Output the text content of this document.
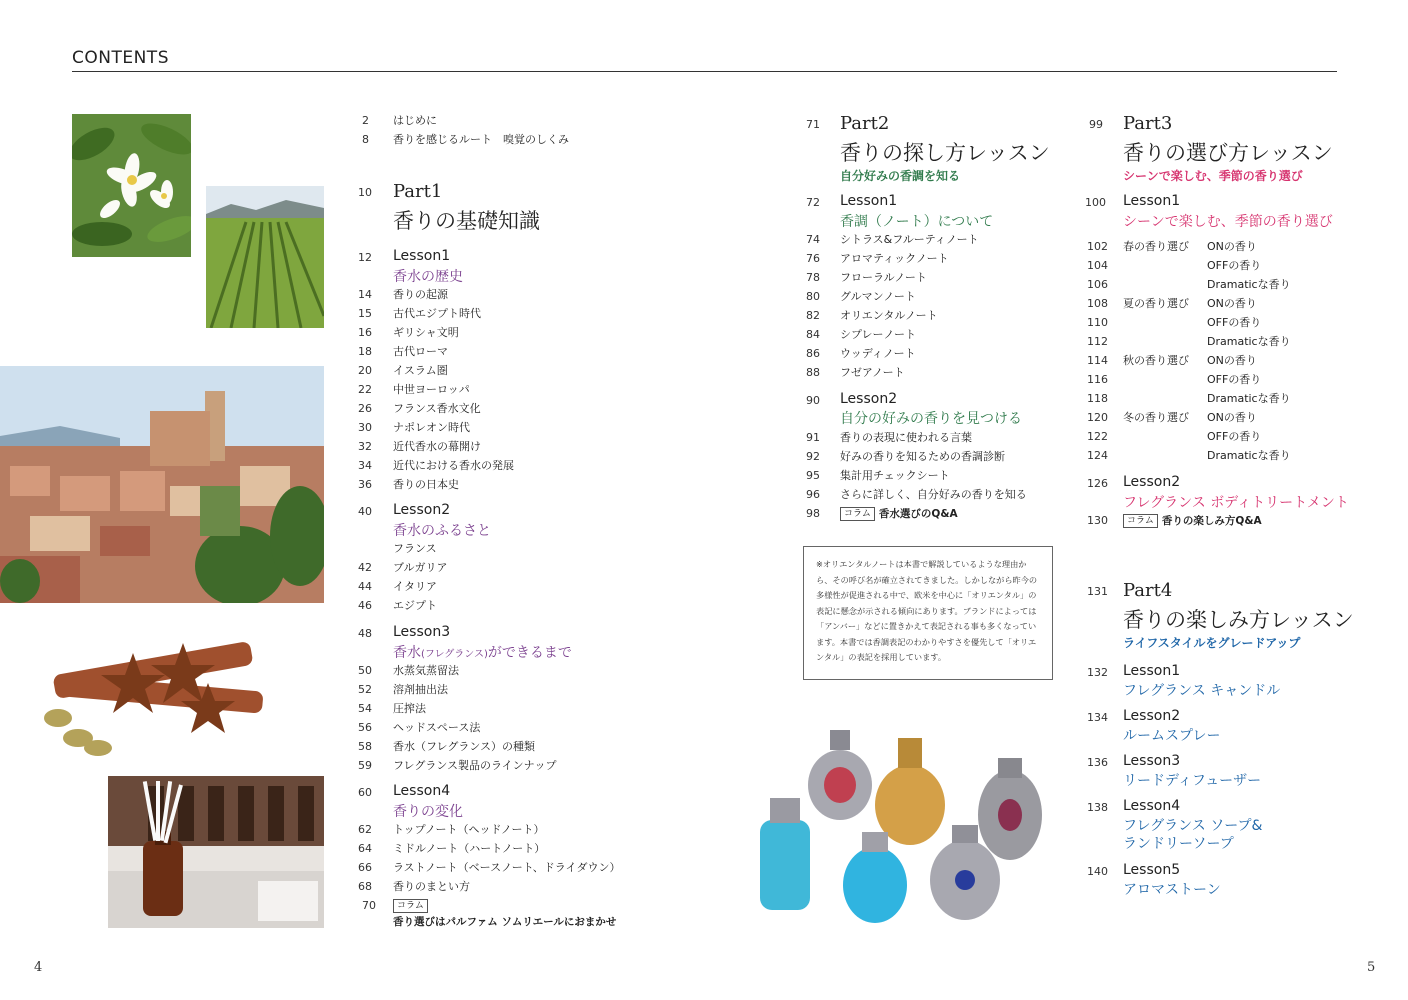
CONTENTS
4	5
2 はじめに
8 香りを感じるルート　嗅覚のしくみ
10 Part1
香りの基礎知識
12 Lesson1
香水の歴史
14 香りの起源
15 古代エジプト時代
16 ギリシャ文明
18 古代ローマ
20 イスラム圏
22 中世ヨーロッパ
26 フランス香水文化
30 ナポレオン時代
32 近代香水の幕開け
34 近代における香水の発展
36 香りの日本史
40 Lesson2
香水のふるさと
フランス
42 ブルガリア
44 イタリア
46 エジプト
48 Lesson3
香水(フレグランス)ができるまで
50 水蒸気蒸留法
52 溶剤抽出法
54 圧搾法
56 ヘッドスペース法
58 香水（フレグランス）の種類
59 フレグランス製品のラインナップ
60 Lesson4
香りの変化
62 トップノート（ヘッドノート）
64 ミドルノート（ハートノート）
66 ラストノート（ベースノート、ドライダウン）
68 香りのまとい方
70	コラム
香り選びはパルファム ソムリエールにおまかせ
71 Part2
香りの探し方レッスン
自分好みの香調を知る
72 Lesson1
香調（ノート）について
74 シトラス&フルーティノート
76 アロマティックノート
78 フローラルノート
80 グルマンノート
82 オリエンタルノート
84 シプレーノート
86 ウッディノート
88 フゼアノート
90 Lesson2
自分の好みの香りを見つける
91 香りの表現に使われる言葉
92 好みの香りを知るための香調診断
95 集計用チェックシート
96 さらに詳しく、自分好みの香りを知る
98	コラム 香水選びのQ&A
※オリエンタルノートは本書で解説しているような理由から、その呼び名が確立されてきました。しかしながら昨今の多様性が促進される中で、欧米を中心に「オリエンタル」の表記に懸念が示される傾向にあります。ブランドによっては「アンバー」などに置きかえて表記される事も多くなっています。本書では香調表記のわかりやすさを優先して「オリエンタル」の表記を採用しています。
99 Part3
香りの選び方レッスン
シーンで楽しむ、季節の香り選び
100 Lesson1
シーンで楽しむ、季節の香り選び
102 春の香り選び ONの香り
104	OFFの香り
106	Dramaticな香り
108 夏の香り選び ONの香り
110	OFFの香り
112	Dramaticな香り
114 秋の香り選び ONの香り
116	OFFの香り
118	Dramaticな香り
120 冬の香り選び ONの香り
122	OFFの香り
124	Dramaticな香り
126 Lesson2
フレグランス ボディトリートメント
130	コラム 香りの楽しみ方Q&A
131 Part4
香りの楽しみ方レッスン
ライフスタイルをグレードアップ
132 Lesson1
フレグランス キャンドル
134 Lesson2
ルームスプレー
136 Lesson3
リードディフューザー
138 Lesson4
フレグランス ソープ&
ランドリーソープ
140 Lesson5
アロマストーン
